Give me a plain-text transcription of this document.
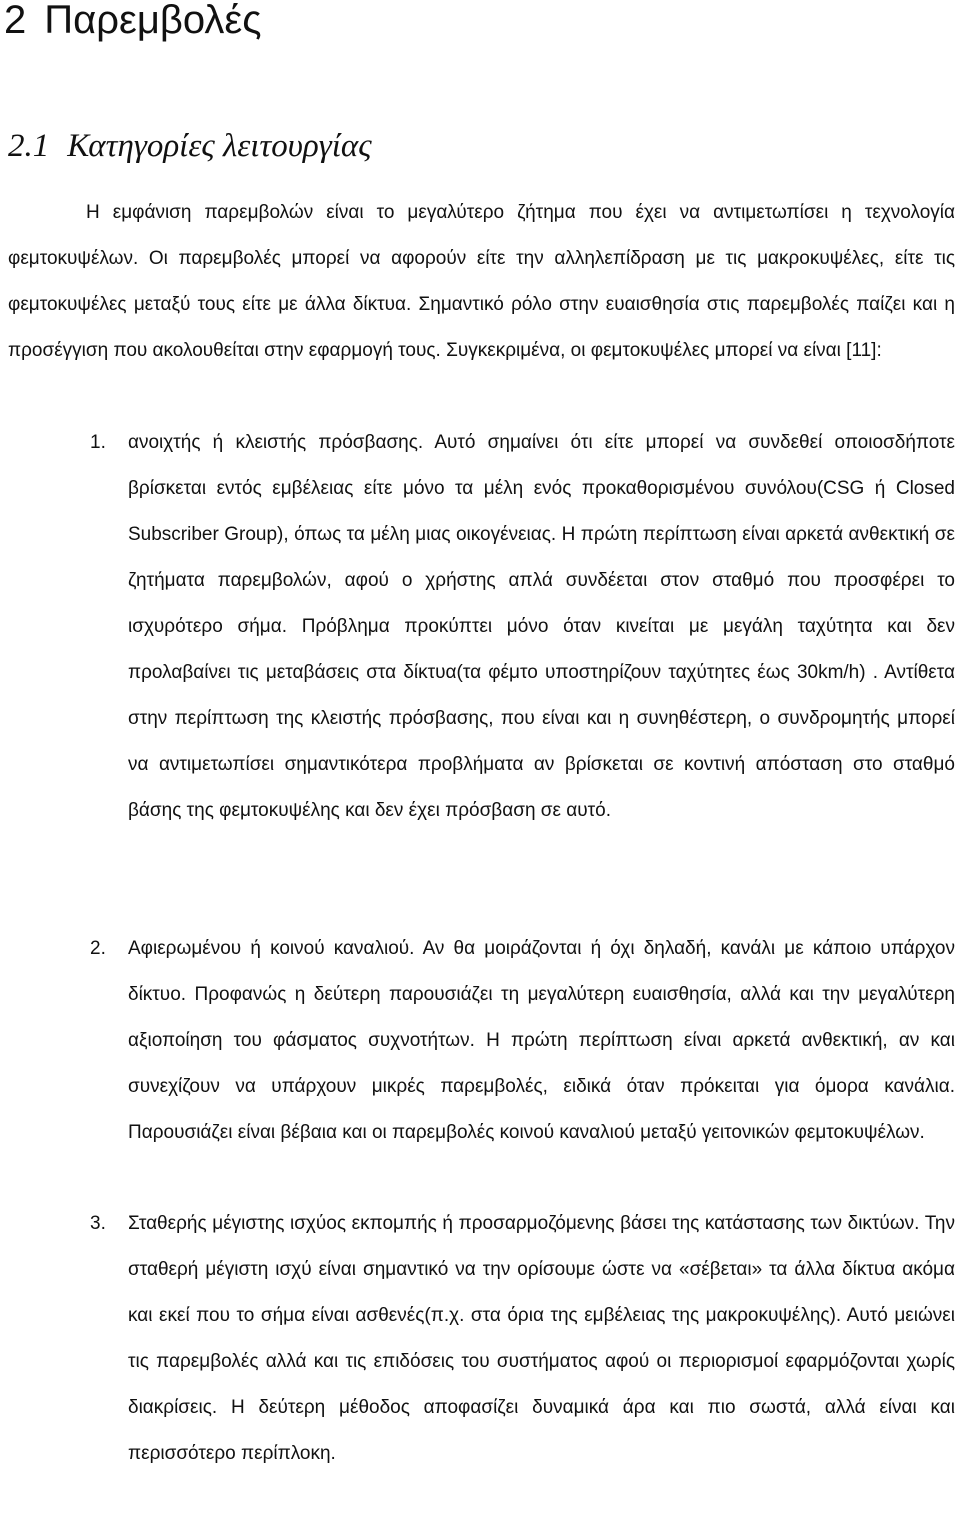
2 Παρεμβολές
2.1 Κατηγορίες λειτουργίας

Η εμφάνιση παρεμβολών είναι το μεγαλύτερο ζήτημα που έχει να αντιμετωπίσει η τεχνολογία φεμτοκυψέλων. Οι παρεμβολές μπορεί να αφορούν είτε την αλληλεπίδραση με τις μακροκυψέλες, είτε τις φεμτοκυψέλες μεταξύ τους είτε με άλλα δίκτυα. Σημαντικό ρόλο στην ευαισθησία στις παρεμβολές παίζει και η προσέγγιση που ακολουθείται στην εφαρμογή τους. Συγκεκριμένα, οι φεμτοκυψέλες μπορεί να είναι [11]:

1. ανοιχτής ή κλειστής πρόσβασης. Αυτό σημαίνει ότι είτε μπορεί να συνδεθεί οποιοσδήποτε βρίσκεται εντός εμβέλειας είτε μόνο τα μέλη ενός προκαθορισμένου συνόλου(CSG ή Closed Subscriber Group), όπως τα μέλη μιας οικογένειας. Η πρώτη περίπτωση είναι αρκετά ανθεκτική σε ζητήματα παρεμβολών, αφού ο χρήστης απλά συνδέεται στον σταθμό που προσφέρει το ισχυρότερο σήμα. Πρόβλημα προκύπτει μόνο όταν κινείται με μεγάλη ταχύτητα και δεν προλαβαίνει τις μεταβάσεις στα δίκτυα(τα φέμτο υποστηρίζουν ταχύτητες έως 30km/h) . Αντίθετα στην περίπτωση της κλειστής πρόσβασης, που είναι και η συνηθέστερη, ο συνδρομητής μπορεί να αντιμετωπίσει σημαντικότερα προβλήματα αν βρίσκεται σε κοντινή απόσταση στο σταθμό βάσης της φεμτοκυψέλης και δεν έχει πρόσβαση σε αυτό.
2. Αφιερωμένου ή κοινού καναλιού. Αν θα μοιράζονται ή όχι δηλαδή, κανάλι με κάποιο υπάρχον δίκτυο. Προφανώς η δεύτερη παρουσιάζει τη μεγαλύτερη ευαισθησία, αλλά και την μεγαλύτερη αξιοποίηση του φάσματος συχνοτήτων. Η πρώτη περίπτωση είναι αρκετά ανθεκτική, αν και συνεχίζουν να υπάρχουν μικρές παρεμβολές, ειδικά όταν πρόκειται για όμορα κανάλια. Παρουσιάζει είναι βέβαια και οι παρεμβολές κοινού καναλιού μεταξύ γειτονικών φεμτοκυψέλων.
3. Σταθερής μέγιστης ισχύος εκπομπής ή προσαρμοζόμενης βάσει της κατάστασης των δικτύων. Την σταθερή μέγιστη ισχύ είναι σημαντικό να την ορίσουμε ώστε να «σέβεται» τα άλλα δίκτυα ακόμα και εκεί που το σήμα είναι ασθενές(π.χ. στα όρια της εμβέλειας της μακροκυψέλης). Αυτό μειώνει τις παρεμβολές αλλά και τις επιδόσεις του συστήματος αφού οι περιορισμοί εφαρμόζονται χωρίς διακρίσεις. Η δεύτερη μέθοδος αποφασίζει δυναμικά άρα και πιο σωστά, αλλά είναι και περισσότερο περίπλοκη.
